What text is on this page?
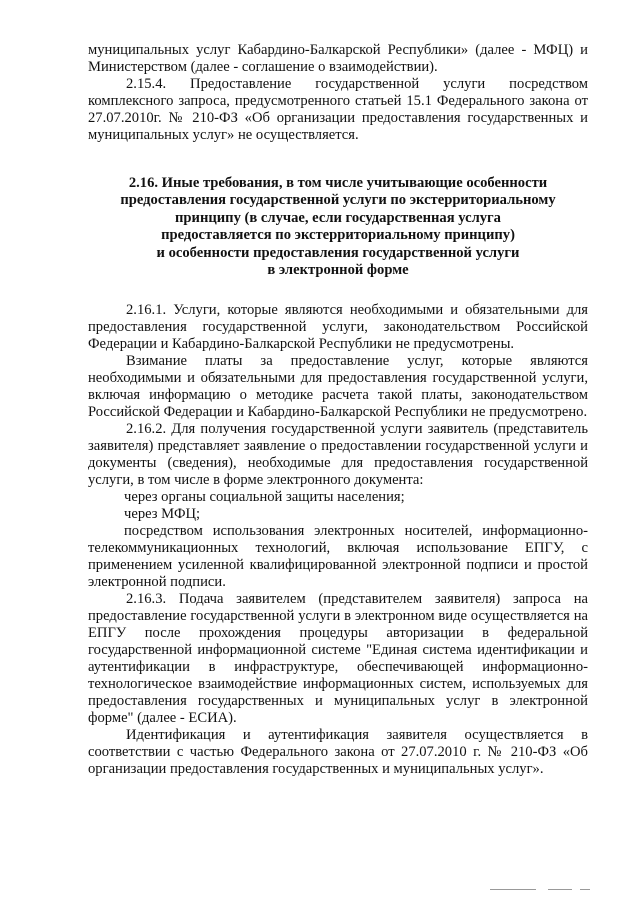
муниципальных услуг Кабардино-Балкарской Республики» (далее - МФЦ) и Министерством (далее - соглашение о взаимодействии).

2.15.4. Предоставление государственной услуги посредством комплексного запроса, предусмотренного статьей 15.1 Федерального закона от 27.07.2010г. № 210-ФЗ «Об организации предоставления государственных и муниципальных услуг» не осуществляется.

2.16. Иные требования, в том числе учитывающие особенности
предоставления государственной услуги по экстерриториальному
принципу (в случае, если государственная услуга
предоставляется по экстерриториальному принципу)
и особенности предоставления государственной услуги
в электронной форме

2.16.1. Услуги, которые являются необходимыми и обязательными для предоставления государственной услуги, законодательством Российской Федерации и Кабардино-Балкарской Республики не предусмотрены.

Взимание платы за предоставление услуг, которые являются необходимыми и обязательными для предоставления государственной услуги, включая информацию о методике расчета такой платы, законодательством Российской Федерации и Кабардино-Балкарской Республики не предусмотрено.

2.16.2. Для получения государственной услуги заявитель (представитель заявителя) представляет заявление о предоставлении государственной услуги и документы (сведения), необходимые для предоставления государственной услуги, в том числе в форме электронного документа:

через органы социальной защиты населения;

через МФЦ;

посредством использования электронных носителей, информационно-телекоммуникационных технологий, включая использование ЕПГУ, с применением усиленной квалифицированной электронной подписи и простой электронной подписи.

2.16.3. Подача заявителем (представителем заявителя) запроса на предоставление государственной услуги в электронном виде осуществляется на ЕПГУ после прохождения процедуры авторизации в федеральной государственной информационной системе "Единая система идентификации и аутентификации в инфраструктуре, обеспечивающей информационно-технологическое взаимодействие информационных систем, используемых для предоставления государственных и муниципальных услуг в электронной форме" (далее - ЕСИА).

Идентификация и аутентификация заявителя осуществляется в соответствии с частью Федерального закона от 27.07.2010 г. № 210-ФЗ «Об организации предоставления государственных и муниципальных услуг».
